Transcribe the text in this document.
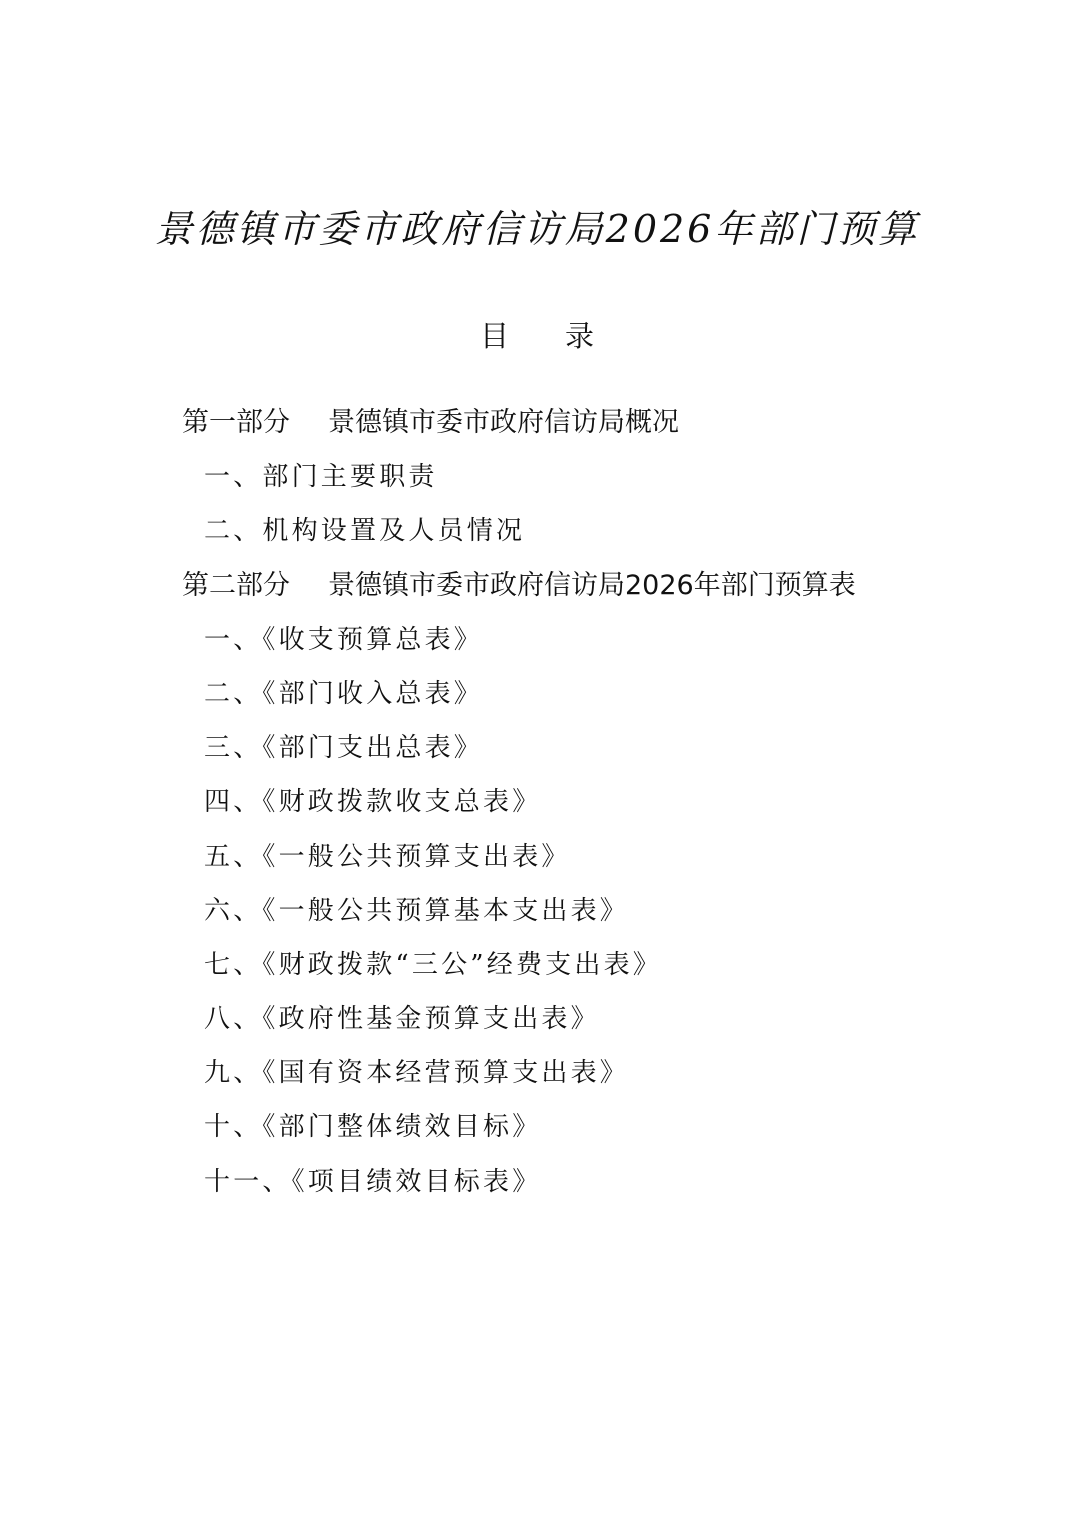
景德镇市委市政府信访局2026年部门预算
目 录
第一部分 景德镇市委市政府信访局概况
一、部门主要职责
二、机构设置及人员情况
第二部分 景德镇市委市政府信访局2026年部门预算表
一、《收支预算总表》
二、《部门收入总表》
三、《部门支出总表》
四、《财政拨款收支总表》
五、《一般公共预算支出表》
六、《一般公共预算基本支出表》
七、《财政拨款“三公”经费支出表》
八、《政府性基金预算支出表》
九、《国有资本经营预算支出表》
十、《部门整体绩效目标》
十一、《项目绩效目标表》
